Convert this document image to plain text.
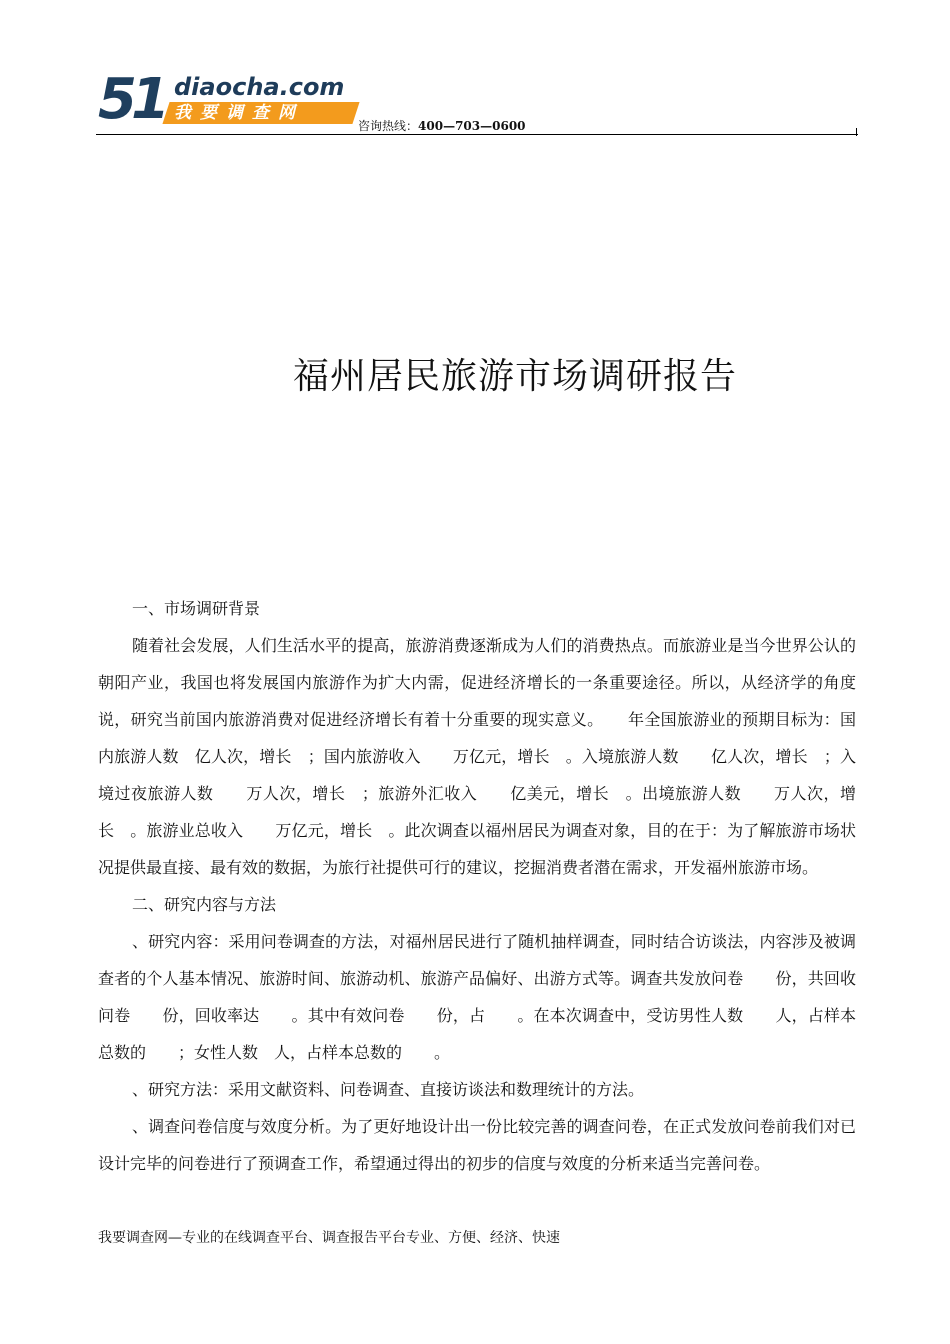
51 diaocha.com
我要调查网
咨询热线：400—703—0600
福州居民旅游市场调研报告

一、市场调研背景

随着社会发展，人们生活水平的提高，旅游消费逐渐成为人们的消费热点。而旅游业是当今世界公认的朝阳产业，我国也将发展国内旅游作为扩大内需，促进经济增长的一条重要途径。所以，从经济学的角度说，研究当前国内旅游消费对促进经济增长有着十分重要的现实意义。　　年全国旅游业的预期目标为：国内旅游人数　亿人次，增长　；国内旅游收入　　万亿元，增长　。入境旅游人数　　亿人次，增长　；入境过夜旅游人数　　万人次，增长　；旅游外汇收入　　亿美元，增长　。出境旅游人数　　万人次，增长　。旅游业总收入　　万亿元，增长　。此次调查以福州居民为调查对象，目的在于：为了解旅游市场状况提供最直接、最有效的数据，为旅行社提供可行的建议，挖掘消费者潜在需求，开发福州旅游市场。

二、研究内容与方法

、研究内容：采用问卷调查的方法，对福州居民进行了随机抽样调查，同时结合访谈法，内容涉及被调查者的个人基本情况、旅游时间、旅游动机、旅游产品偏好、出游方式等。调查共发放问卷　　份，共回收问卷　　份，回收率达　　。其中有效问卷　　份，占　　。在本次调查中，受访男性人数　　人，占样本总数的　　；女性人数　人，占样本总数的　　。

、研究方法：采用文献资料、问卷调查、直接访谈法和数理统计的方法。

、调查问卷信度与效度分析。为了更好地设计出一份比较完善的调查问卷，在正式发放问卷前我们对已设计完毕的问卷进行了预调查工作，希望通过得出的初步的信度与效度的分析来适当完善问卷。

我要调查网—专业的在线调查平台、调查报告平台专业、方便、经济、快速
